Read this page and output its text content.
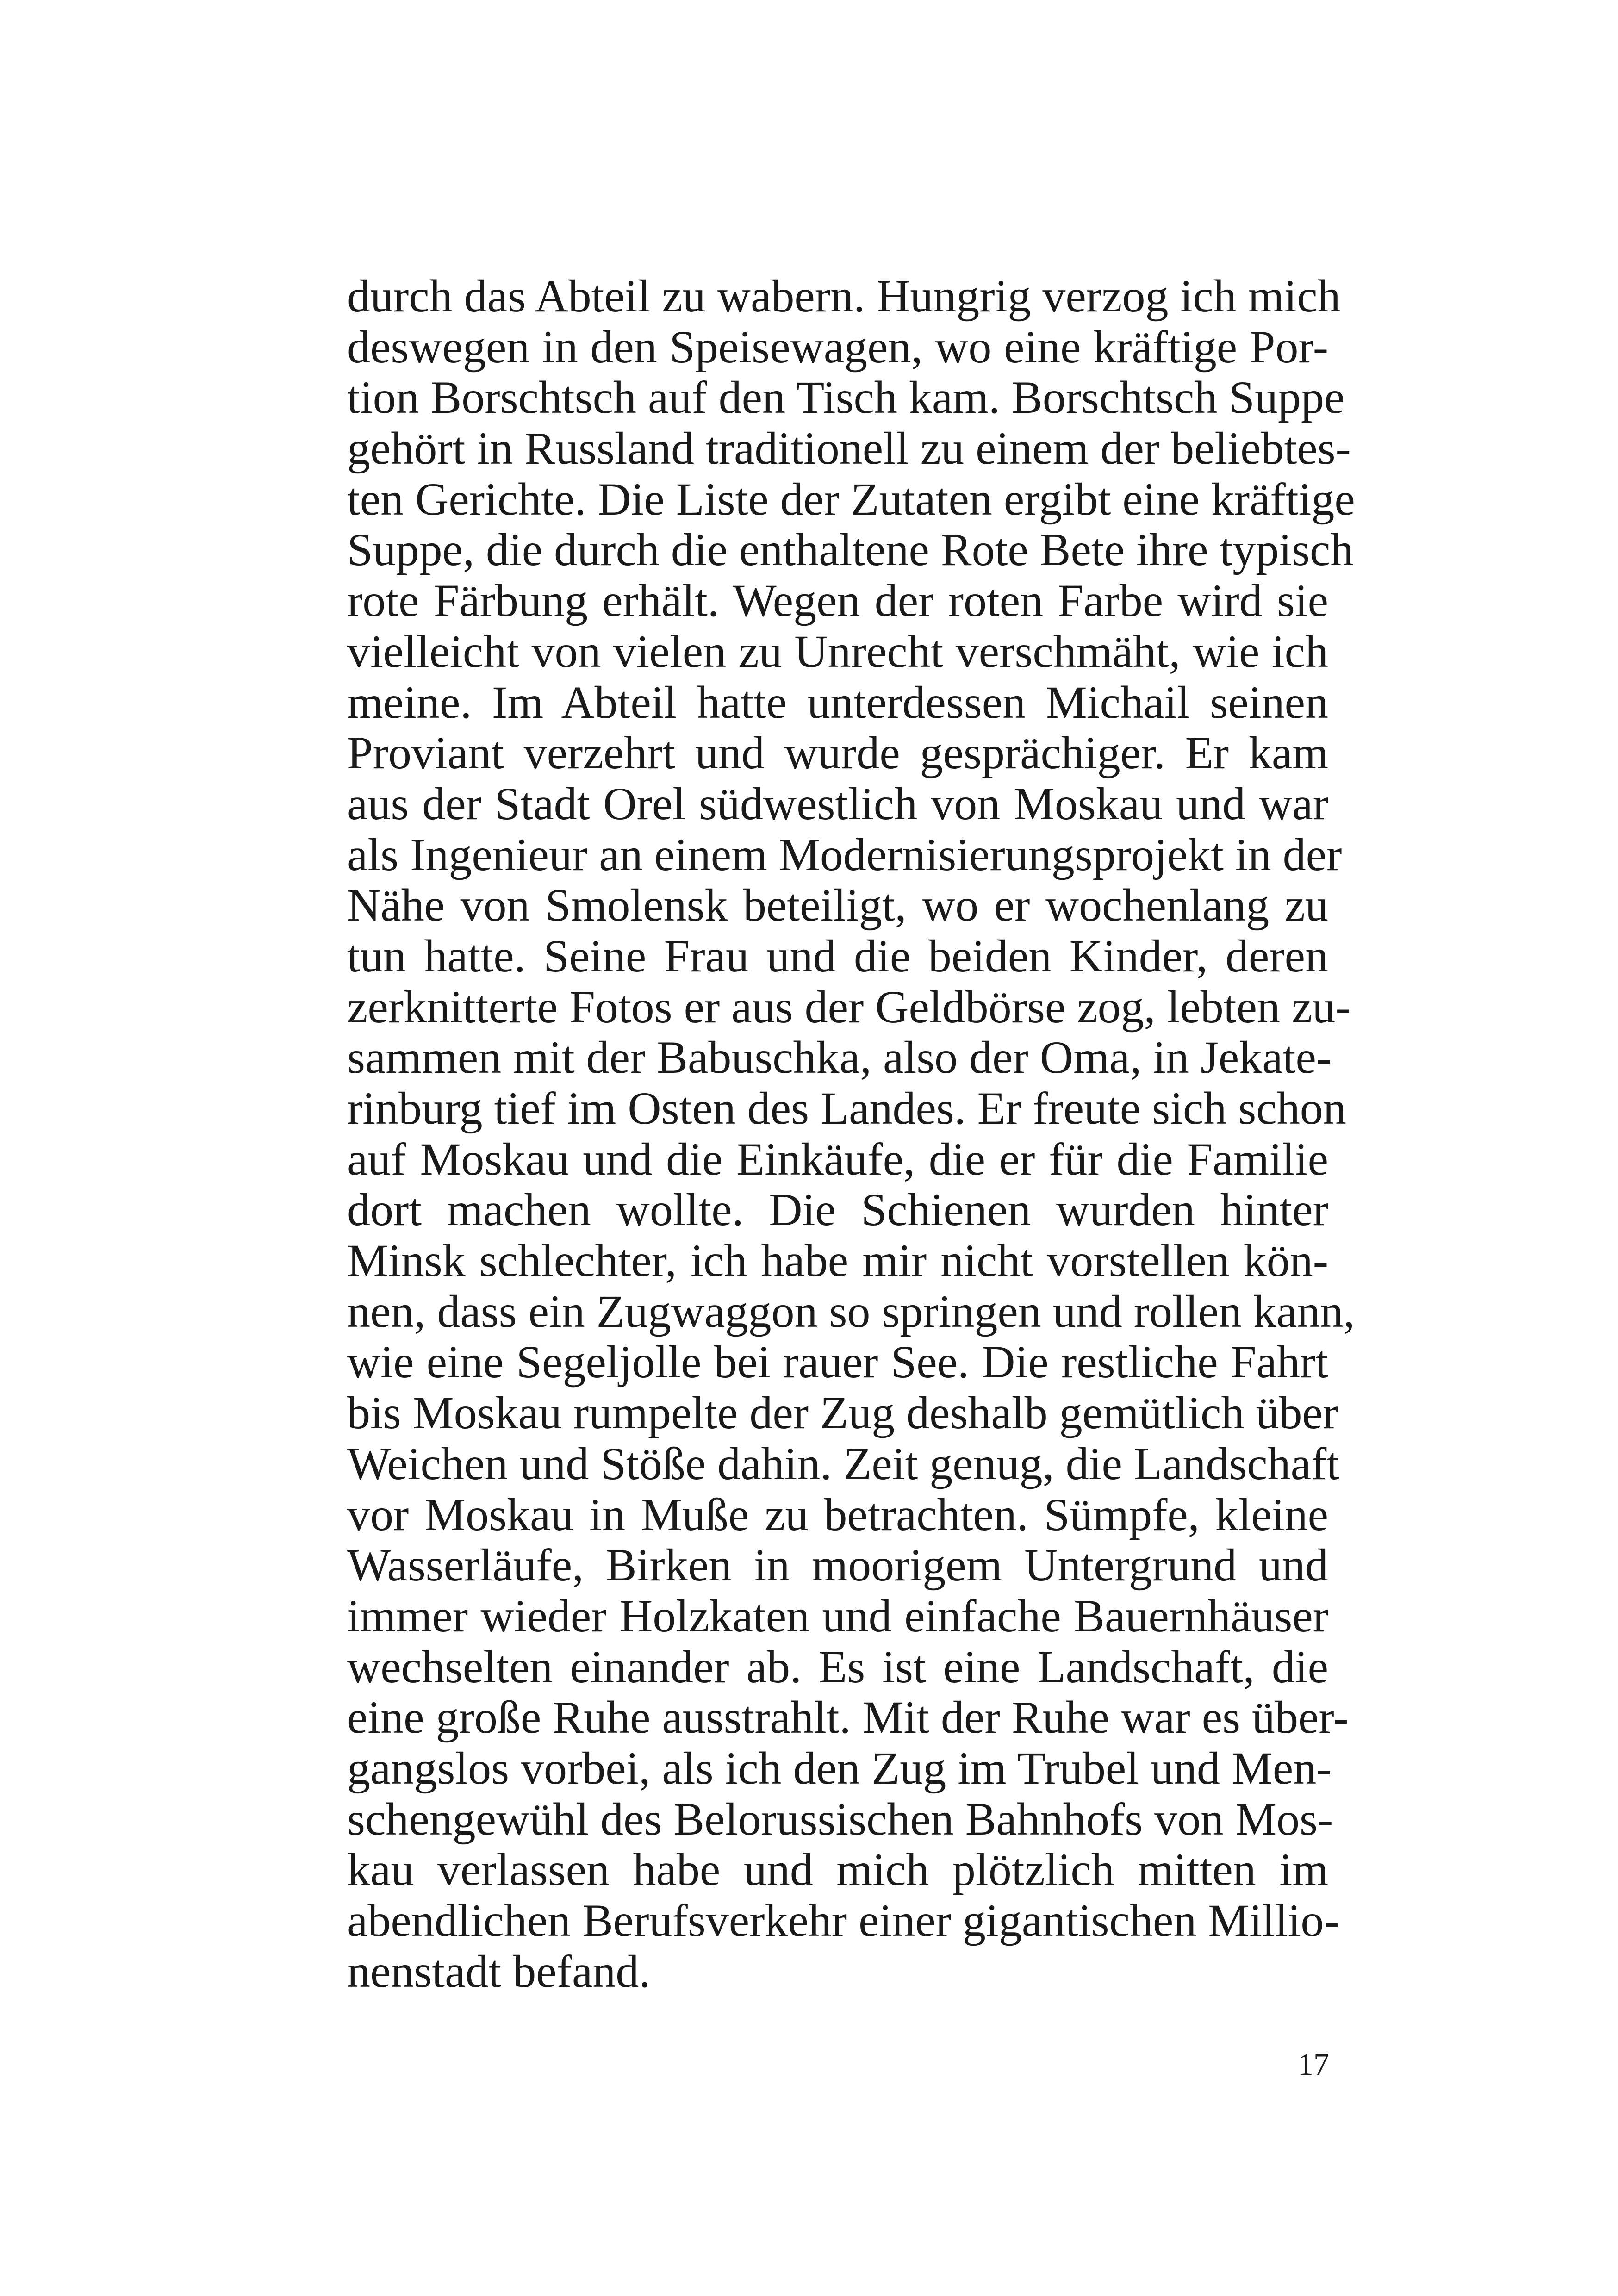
durch das Abteil zu wabern. Hungrig verzog ich mich
deswegen in den Speisewagen, wo eine kräftige Por-
tion Borschtsch auf den Tisch kam. Borschtsch Suppe
gehört in Russland traditionell zu einem der beliebtes-
ten Gerichte. Die Liste der Zutaten ergibt eine kräftige
Suppe, die durch die enthaltene Rote Bete ihre typisch
rote Färbung erhält. Wegen der roten Farbe wird sie
vielleicht von vielen zu Unrecht verschmäht, wie ich
meine. Im Abteil hatte unterdessen Michail seinen
Proviant verzehrt und wurde gesprächiger. Er kam
aus der Stadt Orel südwestlich von Moskau und war
als Ingenieur an einem Modernisierungsprojekt in der
Nähe von Smolensk beteiligt, wo er wochenlang zu
tun hatte. Seine Frau und die beiden Kinder, deren
zerknitterte Fotos er aus der Geldbörse zog, lebten zu-
sammen mit der Babuschka, also der Oma, in Jekate-
rinburg tief im Osten des Landes. Er freute sich schon
auf Moskau und die Einkäufe, die er für die Familie
dort machen wollte. Die Schienen wurden hinter
Minsk schlechter, ich habe mir nicht vorstellen kön-
nen, dass ein Zugwaggon so springen und rollen kann,
wie eine Segeljolle bei rauer See. Die restliche Fahrt
bis Moskau rumpelte der Zug deshalb gemütlich über
Weichen und Stöße dahin. Zeit genug, die Landschaft
vor Moskau in Muße zu betrachten. Sümpfe, kleine
Wasserläufe, Birken in moorigem Untergrund und
immer wieder Holzkaten und einfache Bauernhäuser
wechselten einander ab. Es ist eine Landschaft, die
eine große Ruhe ausstrahlt. Mit der Ruhe war es über-
gangslos vorbei, als ich den Zug im Trubel und Men-
schengewühl des Belorussischen Bahnhofs von Mos-
kau verlassen habe und mich plötzlich mitten im
abendlichen Berufsverkehr einer gigantischen Millio-
nenstadt befand.
17
